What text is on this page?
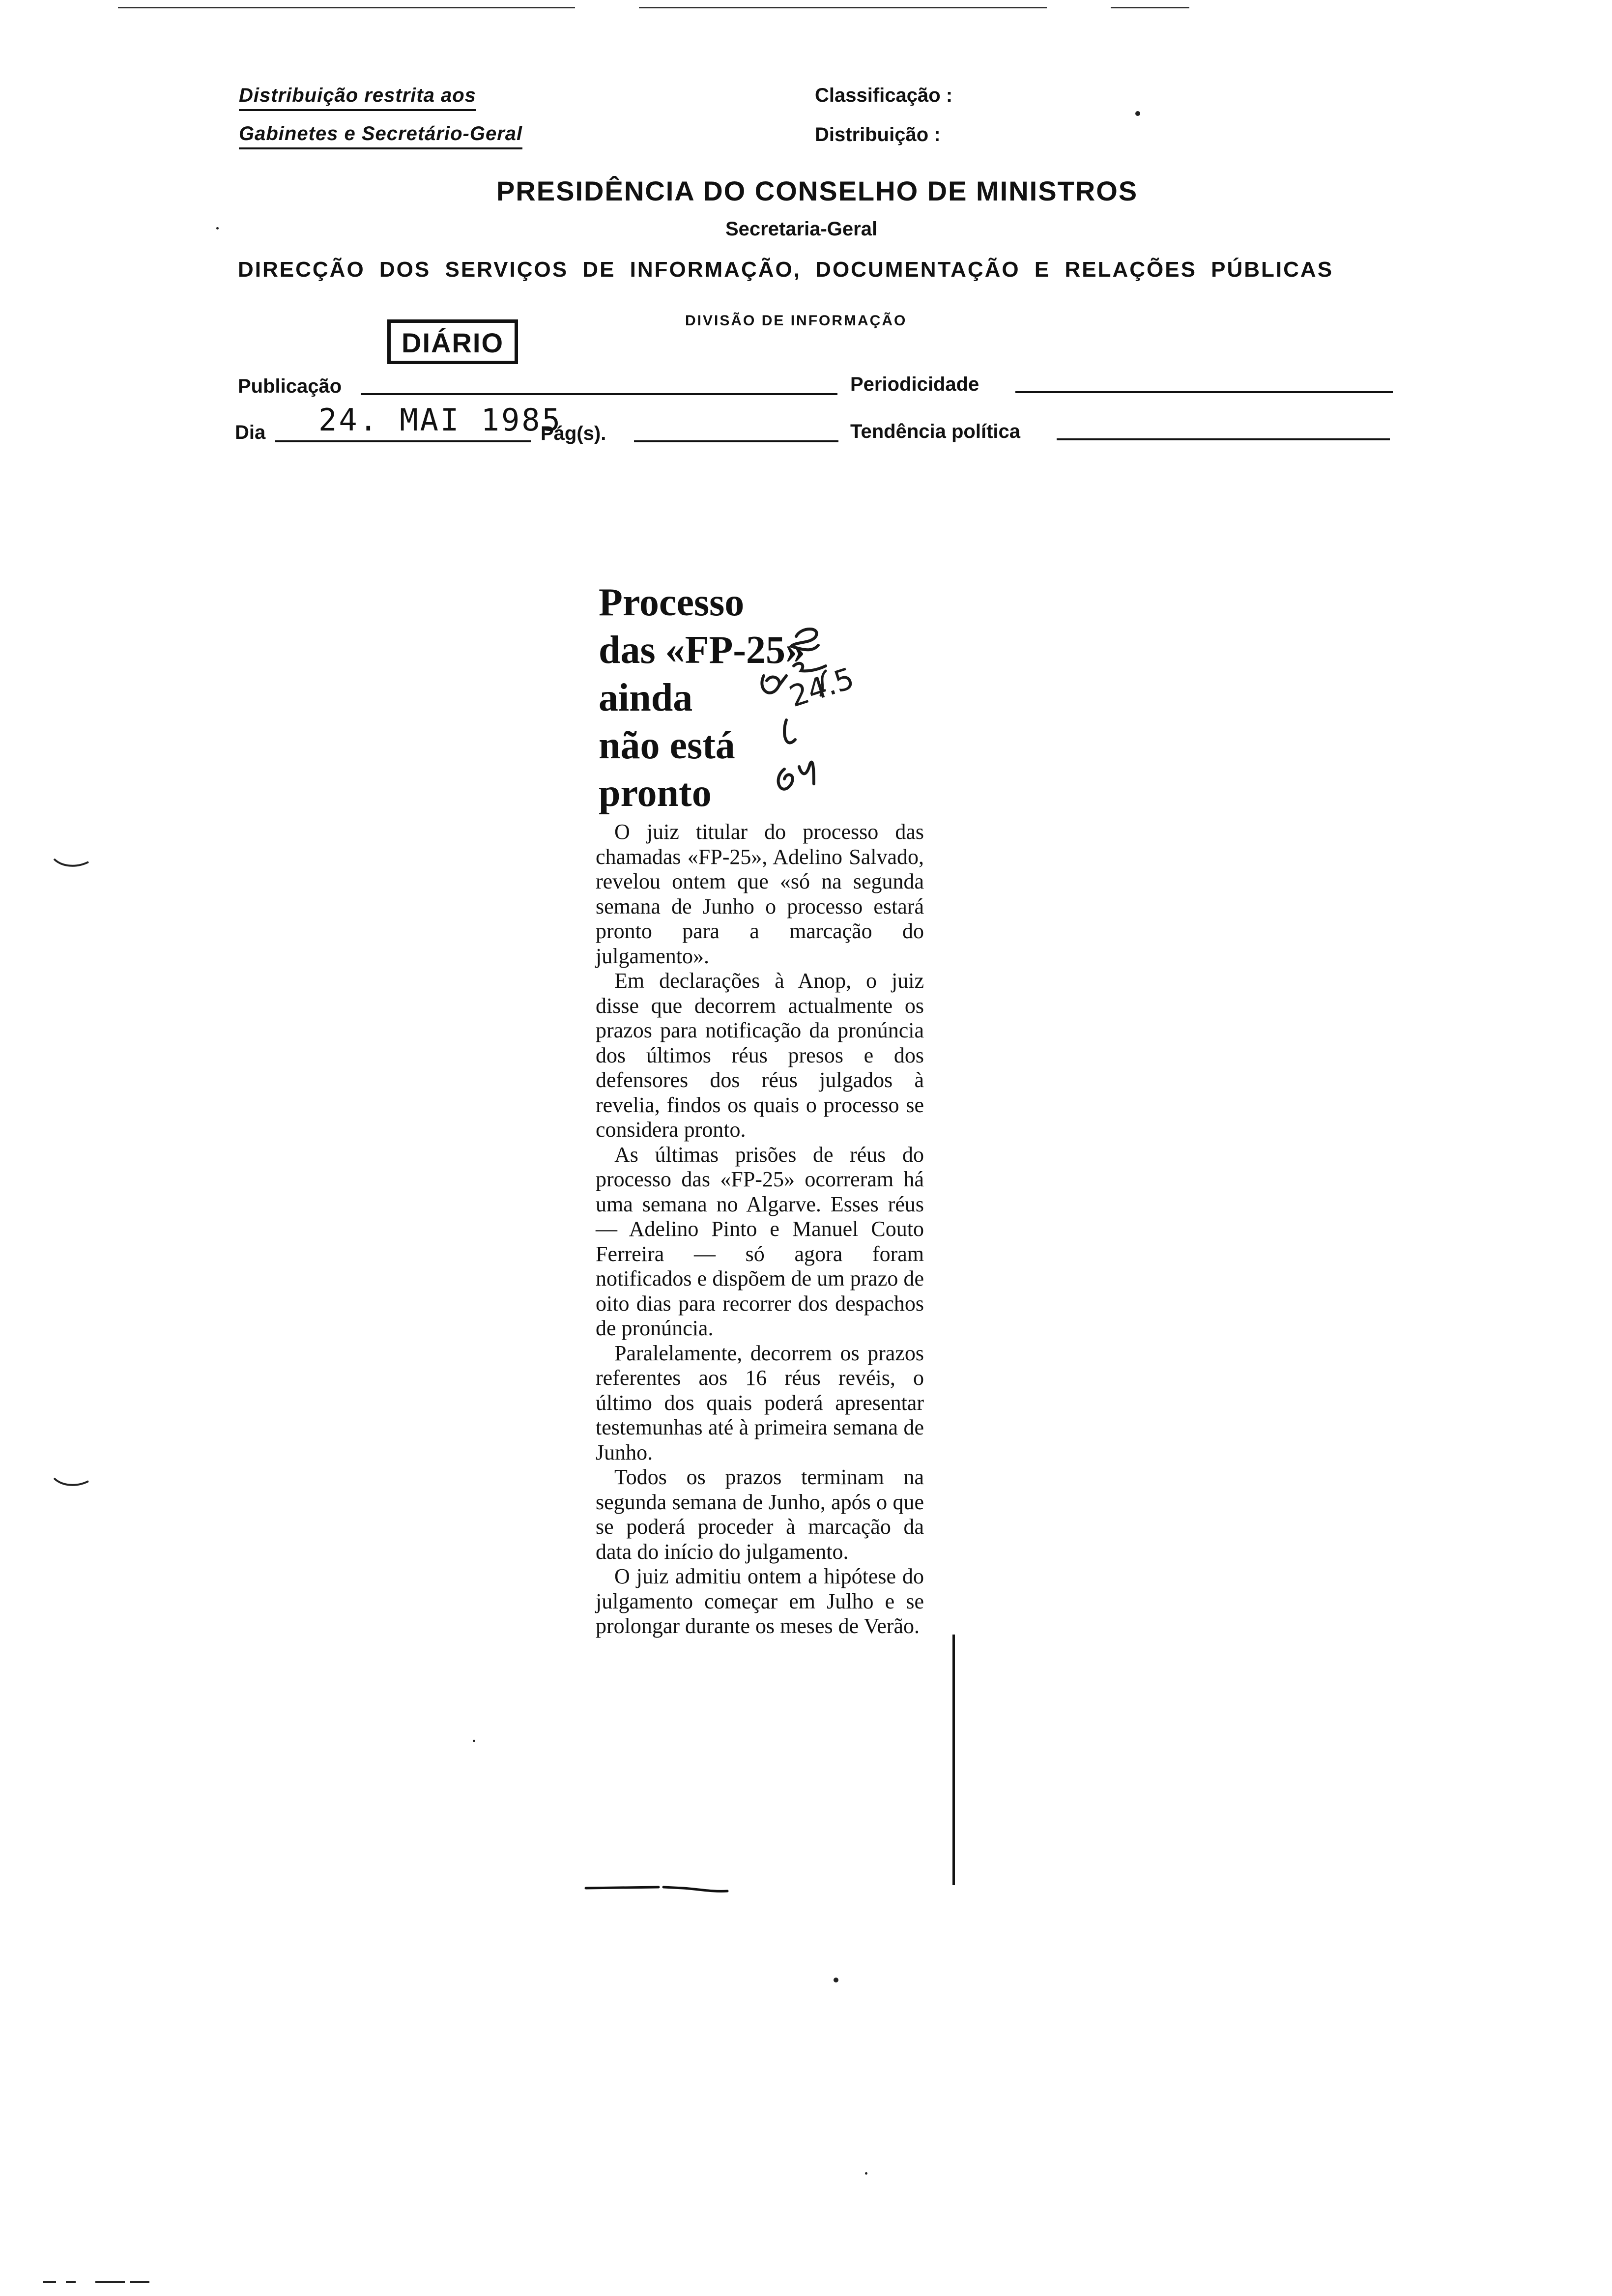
Distribuição restrita aos
Gabinetes e Secretário-Geral
Classificação :
Distribuição :
PRESIDÊNCIA DO CONSELHO DE MINISTROS
Secretaria-Geral
DIRECÇÃO DOS SERVIÇOS DE INFORMAÇÃO, DOCUMENTAÇÃO E RELAÇÕES PÚBLICAS
DIVISÃO DE INFORMAÇÃO
DIÁRIO
Publicação	Periodicidade
Dia 24. MAI 1985
Pág(s).	Tendência política
Processo
das «FP-25»
ainda
não está
pronto
24.5

O juiz titular do processo das chamadas «FP-25», Adelino Salvado, revelou ontem que «só na segunda semana de Junho o processo estará pronto para a marcação do julgamento».

Em declarações à Anop, o juiz disse que decorrem actualmente os prazos para notificação da pronúncia dos últimos réus presos e dos defensores dos réus julgados à revelia, findos os quais o processo se considera pronto.

As últimas prisões de réus do processo das «FP-25» ocorreram há uma semana no Algarve. Esses réus — Adelino Pinto e Manuel Couto Ferreira — só agora foram notificados e dispõem de um prazo de oito dias para recorrer dos despachos de pronúncia.

Paralelamente, decorrem os prazos referentes aos 16 réus revéis, o último dos quais poderá apresentar testemunhas até à primeira semana de Junho.

Todos os prazos terminam na segunda semana de Junho, após o que se poderá proceder à marcação da data do início do julgamento.

O juiz admitiu ontem a hipótese do julgamento começar em Julho e se prolongar durante os meses de Verão.
